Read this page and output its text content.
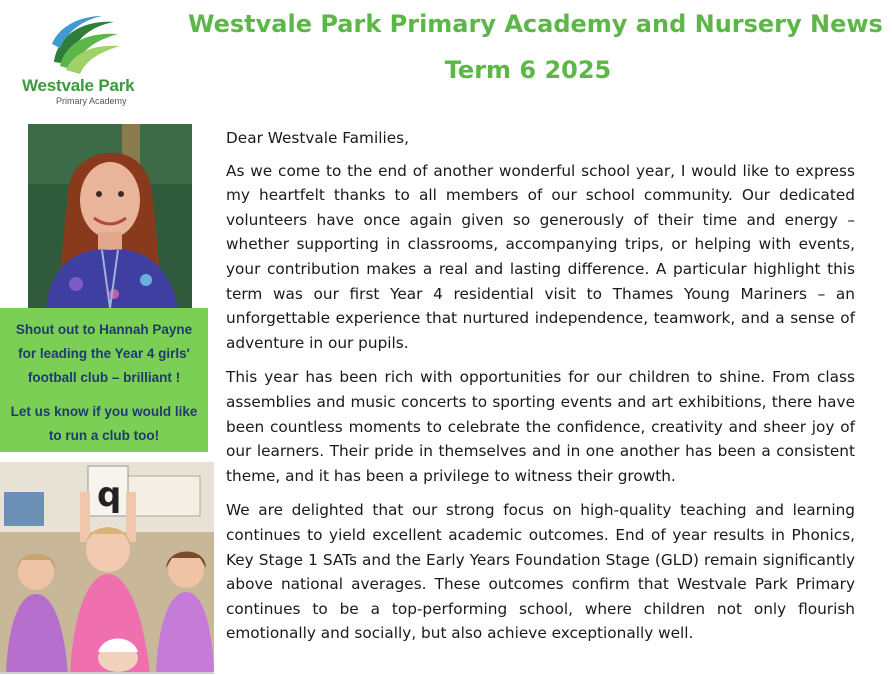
Westvale Park
Primary Academy
Westvale Park Primary Academy and Nursery News
Term 6 2025

Shout out to Hannah Payne for leading the Year 4 girls' football club – brilliant !

Let us know if you would like to run a club too!

q

Dear Westvale Families,

As we come to the end of another wonderful school year, I would like to express my heartfelt thanks to all members of our school community. Our dedicated volunteers have once again given so generously of their time and energy – whether supporting in classrooms, accompanying trips, or helping with events, your contribution makes a real and lasting difference. A particular highlight this term was our first Year 4 residential visit to Thames Young Mariners – an unforgettable experience that nurtured independence, teamwork, and a sense of adventure in our pupils.

This year has been rich with opportunities for our children to shine. From class assemblies and music concerts to sporting events and art exhibitions, there have been countless moments to celebrate the confidence, creativity and sheer joy of our learners. Their pride in themselves and in one another has been a consistent theme, and it has been a privilege to witness their growth.

We are delighted that our strong focus on high-quality teaching and learning continues to yield excellent academic outcomes. End of year results in Phonics, Key Stage 1 SATs and the Early Years Foundation Stage (GLD) remain significantly above national averages. These outcomes confirm that Westvale Park Primary continues to be a top-performing school, where children not only flourish emotionally and socially, but also achieve exceptionally well.
